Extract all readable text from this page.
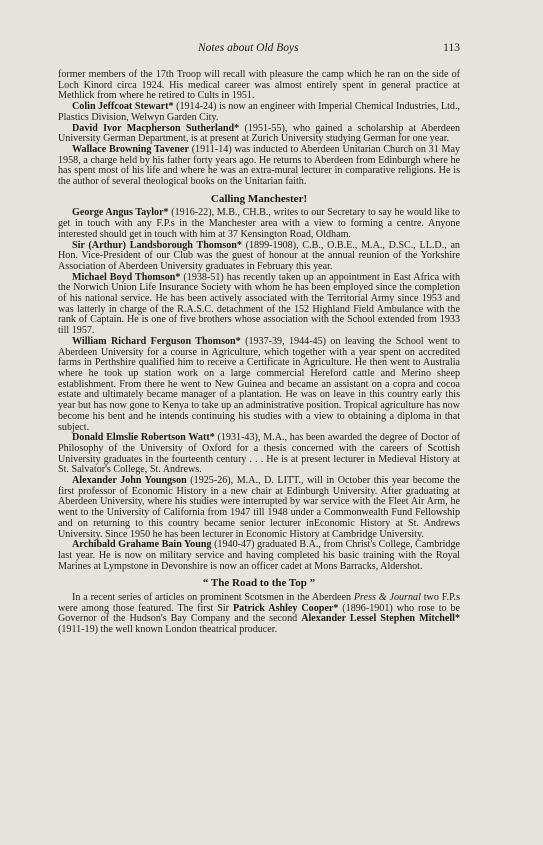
Notes about Old Boys	113

former members of the 17th Troop will recall with pleasure the camp which he ran on the side of Loch Kinord circa 1924. His medical career was almost entirely spent in general practice at Methlick from where he retired to Cults in 1951.

Colin Jeffcoat Stewart* (1914-24) is now an engineer with Imperial Chemical Industries, Ltd., Plastics Division, Welwyn Garden City.

David Ivor Macpherson Sutherland* (1951-55), who gained a scholarship at Aberdeen University German Department, is at present at Zurich University studying German for one year.

Wallace Browning Tavener (1911-14) was inducted to Aberdeen Unitarian Church on 31 May 1958, a charge held by his father forty years ago. He returns to Aberdeen from Edinburgh where he has spent most of his life and where he was an extra-mural lecturer in comparative religions. He is the author of several theological books on the Unitarian faith.

Calling Manchester!

George Angus Taylor* (1916-22), M.B., CH.B., writes to our Secretary to say he would like to get in touch with any F.P.s in the Manchester area with a view to forming a centre. Anyone interested should get in touch with him at 37 Kensington Road, Oldham.

Sir (Arthur) Landsborough Thomson* (1899-1908), C.B., O.B.E., M.A., D.SC., LL.D., an Hon. Vice-President of our Club was the guest of honour at the annual reunion of the Yorkshire Association of Aberdeen University graduates in February this year.

Michael Boyd Thomson* (1938-51) has recently taken up an appointment in East Africa with the Norwich Union Life Insurance Society with whom he has been employed since the completion of his national service. He has been actively associated with the Territorial Army since 1953 and was latterly in charge of the R.A.S.C. detachment of the 152 Highland Field Ambulance with the rank of Captain. He is one of five brothers whose association with the School extended from 1933 till 1957.

William Richard Ferguson Thomson* (1937-39, 1944-45) on leaving the School went to Aberdeen University for a course in Agriculture, which together with a year spent on accredited farms in Perthshire qualified him to receive a Certificate in Agriculture. He then went to Australia where he took up station work on a large commercial Hereford cattle and Merino sheep establishment. From there he went to New Guinea and became an assistant on a copra and cocoa estate and ultimately became manager of a plantation. He was on leave in this country early this year but has now gone to Kenya to take up an administrative position. Tropical agriculture has now become his bent and he intends continuing his studies with a view to obtaining a diploma in that subject.

Donald Elmslie Robertson Watt* (1931-43), M.A., has been awarded the degree of Doctor of Philosophy of the University of Oxford for a thesis concerned with the careers of Scottish University graduates in the fourteenth century . . . He is at present lecturer in Medieval History at St. Salvator's College, St. Andrews.

Alexander John Youngson (1925-26), M.A., D. LITT., will in October this year become the first professor of Economic History in a new chair at Edinburgh University. After graduating at Aberdeen University, where his studies were interrupted by war service with the Fleet Air Arm, he went to the University of California from 1947 till 1948 under a Commonwealth Fund Fellowship and on returning to this country became senior lecturer inEconomic History at St. Andrews University. Since 1950 he has been lecturer in Economic History at Cambridge University.

Archibald Grahame Bain Young (1940-47) graduated B.A., from Christ's College, Cambridge last year. He is now on military service and having completed his basic training with the Royal Marines at Lympstone in Devonshire is now an officer cadet at Mons Barracks, Aldershot.

“ The Road to the Top ”

In a recent series of articles on prominent Scotsmen in the Aberdeen Press & Journal two F.P.s were among those featured. The first Sir Patrick Ashley Cooper* (1896-1901) who rose to be Governor of the Hudson's Bay Company and the second Alexander Lessel Stephen Mitchell* (1911-19) the well known London theatrical producer.
